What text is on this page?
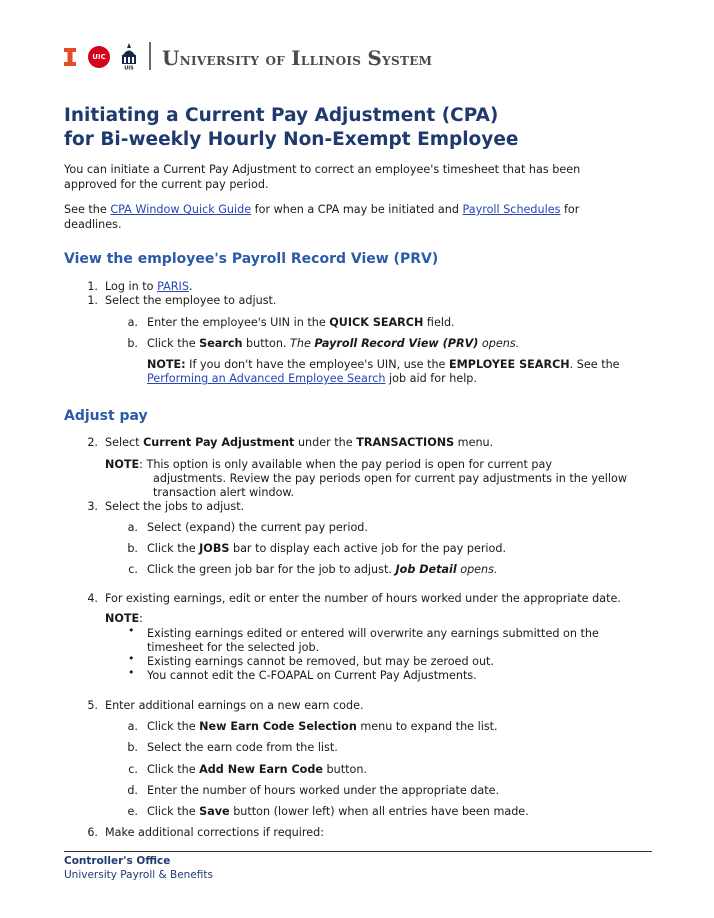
UIC
UIS University of Illinois System
Initiating a Current Pay Adjustment (CPA)
for Bi-weekly Hourly Non-Exempt Employee
You can initiate a Current Pay Adjustment to correct an employee's timesheet that has been
approved for the current pay period.
See the CPA Window Quick Guide for when a CPA may be initiated and Payroll Schedules for
deadlines.
View the employee's Payroll Record View (PRV)
1. Log in to PARIS.
1. Select the employee to adjust.
a. Enter the employee's UIN in the QUICK SEARCH field.
b. Click the Search button. The Payroll Record View (PRV) opens.
NOTE: If you don't have the employee's UIN, use the EMPLOYEE SEARCH. See the
Performing an Advanced Employee Search job aid for help.
Adjust pay
2. Select Current Pay Adjustment under the TRANSACTIONS menu.
NOTE: This option is only available when the pay period is open for current pay
adjustments. Review the pay periods open for current pay adjustments in the yellow
transaction alert window.
3. Select the jobs to adjust.
a. Select (expand) the current pay period.
b. Click the JOBS bar to display each active job for the pay period.
c. Click the green job bar for the job to adjust. Job Detail opens.
4. For existing earnings, edit or enter the number of hours worked under the appropriate date.
NOTE:
• Existing earnings edited or entered will overwrite any earnings submitted on the
timesheet for the selected job.
• Existing earnings cannot be removed, but may be zeroed out.
• You cannot edit the C-FOAPAL on Current Pay Adjustments.
5. Enter additional earnings on a new earn code.
a. Click the New Earn Code Selection menu to expand the list.
b. Select the earn code from the list.
c. Click the Add New Earn Code button.
d. Enter the number of hours worked under the appropriate date.
e. Click the Save button (lower left) when all entries have been made.
6. Make additional corrections if required:
Controller's Office
University Payroll & Benefits
